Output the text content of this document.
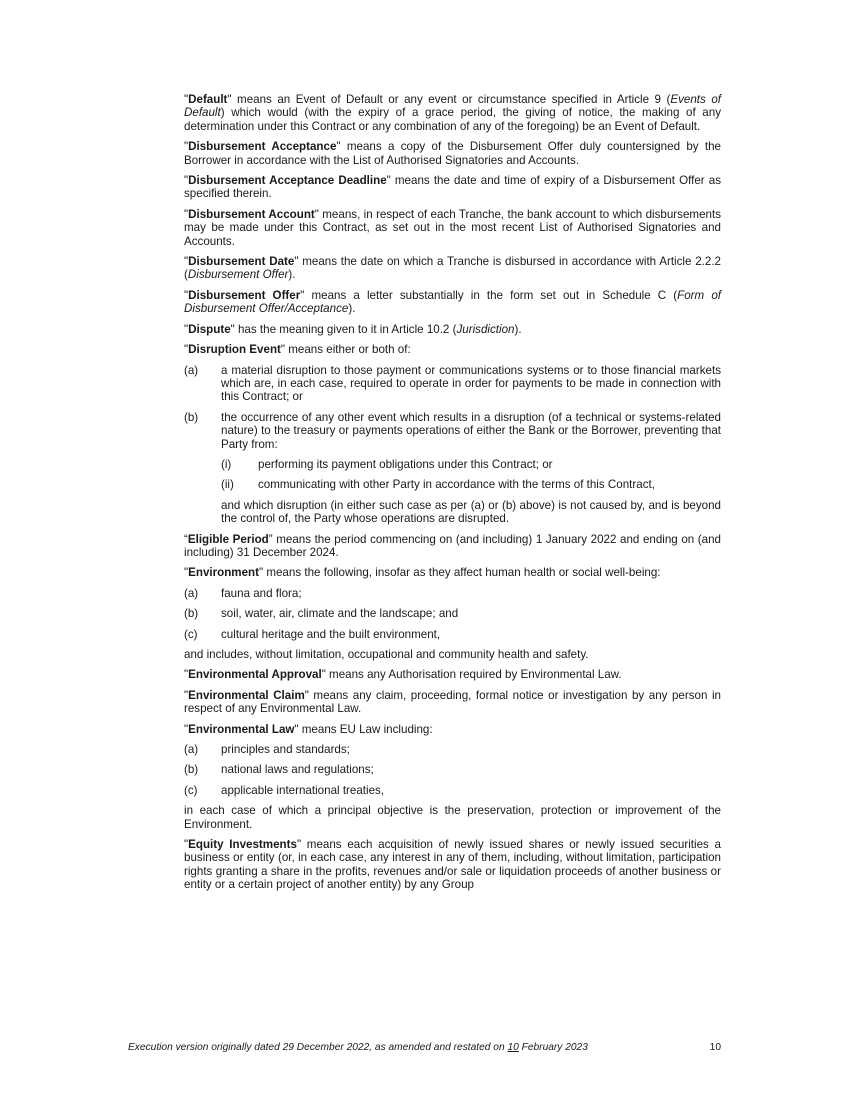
"Default" means an Event of Default or any event or circumstance specified in Article 9 (Events of Default) which would (with the expiry of a grace period, the giving of notice, the making of any determination under this Contract or any combination of any of the foregoing) be an Event of Default.

"Disbursement Acceptance" means a copy of the Disbursement Offer duly countersigned by the Borrower in accordance with the List of Authorised Signatories and Accounts.

"Disbursement Acceptance Deadline" means the date and time of expiry of a Disbursement Offer as specified therein.

"Disbursement Account" means, in respect of each Tranche, the bank account to which disbursements may be made under this Contract, as set out in the most recent List of Authorised Signatories and Accounts.

"Disbursement Date" means the date on which a Tranche is disbursed in accordance with Article 2.2.2 (Disbursement Offer).

"Disbursement Offer" means a letter substantially in the form set out in Schedule C (Form of Disbursement Offer/Acceptance).

"Dispute" has the meaning given to it in Article 10.2 (Jurisdiction).

"Disruption Event" means either or both of:

(a)	a material disruption to those payment or communications systems or to those financial markets which are, in each case, required to operate in order for payments to be made in connection with this Contract; or
(b)	the occurrence of any other event which results in a disruption (of a technical or systems-related nature) to the treasury or payments operations of either the Bank or the Borrower, preventing that Party from:
(i)	performing its payment obligations under this Contract; or
(ii)	communicating with other Party in accordance with the terms of this Contract,

and which disruption (in either such case as per (a) or (b) above) is not caused by, and is beyond the control of, the Party whose operations are disrupted.

“Eligible Period” means the period commencing on (and including) 1 January 2022 and ending on (and including) 31 December 2024.

"Environment" means the following, insofar as they affect human health or social well-being:

(a)	fauna and flora;
(b)	soil, water, air, climate and the landscape; and
(c)	cultural heritage and the built environment,

and includes, without limitation, occupational and community health and safety.

"Environmental Approval" means any Authorisation required by Environmental Law.

"Environmental Claim" means any claim, proceeding, formal notice or investigation by any person in respect of any Environmental Law.

"Environmental Law" means EU Law including:

(a)	principles and standards;
(b)	national laws and regulations;
(c)	applicable international treaties,

in each case of which a principal objective is the preservation, protection or improvement of the Environment.

"Equity Investments" means each acquisition of newly issued shares or newly issued securities a business or entity (or, in each case, any interest in any of them, including, without limitation, participation rights granting a share in the profits, revenues and/or sale or liquidation proceeds of another business or entity or a certain project of another entity) by any Group

Execution version originally dated 29 December 2022, as amended and restated on 10 February 2023	10
